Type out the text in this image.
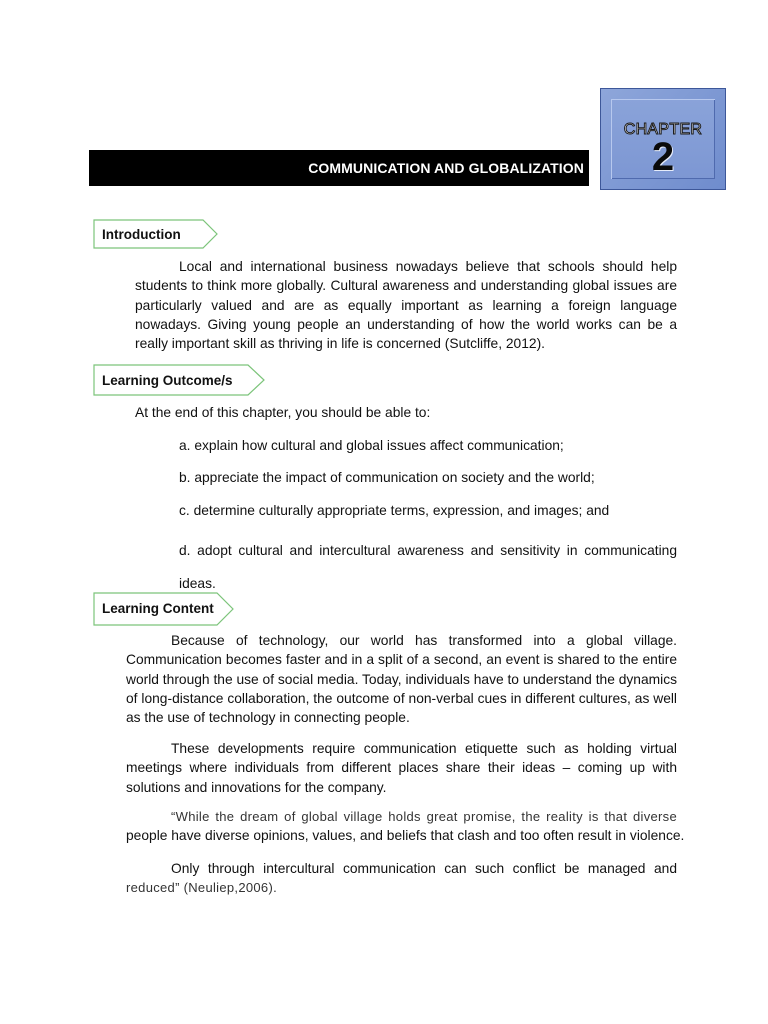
CHAPTER
2
COMMUNICATION AND GLOBALIZATION
Introduction

Local and international business nowadays believe that schools should help students to think more globally. Cultural awareness and understanding global issues are particularly valued and are as equally important as learning a foreign language nowadays. Giving young people an understanding of how the world works can be a really important skill as thriving in life is concerned (Sutcliffe, 2012).

Learning Outcome/s

At the end of this chapter, you should be able to:

a. explain how cultural and global issues affect communication;

b. appreciate the impact of communication on society and the world;

c. determine culturally appropriate terms, expression, and images; and

d. adopt cultural and intercultural awareness and sensitivity in communicating ideas.

Learning Content

Because of technology, our world has transformed into a global village. Communication becomes faster and in a split of a second, an event is shared to the entire world through the use of social media. Today, individuals have to understand the dynamics of long-distance collaboration, the outcome of non-verbal cues in different cultures, as well as the use of technology in connecting people.

These developments require communication etiquette such as holding virtual meetings where individuals from different places share their ideas – coming up with solutions and innovations for the company.

“While the dream of global village holds great promise, the reality is that diverse

people have diverse opinions, values, and beliefs that clash and too often result in violence.

Only through intercultural communication can such conflict be managed and

reduced” (Neuliep,2006).
